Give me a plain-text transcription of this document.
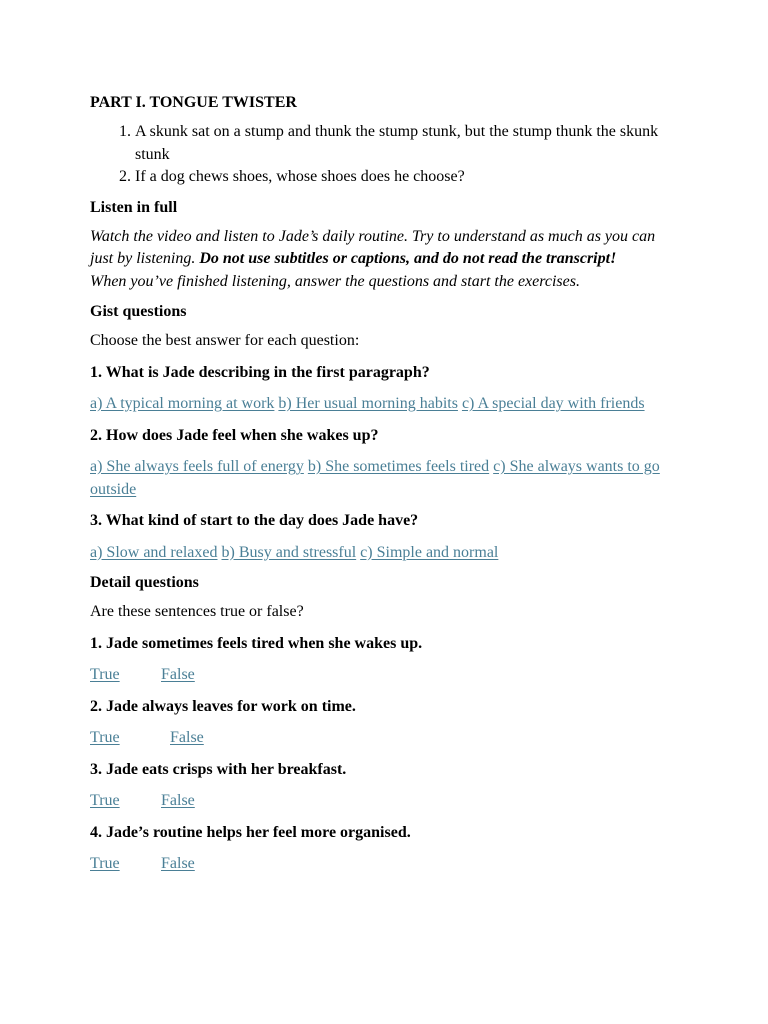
PART I. TONGUE TWISTER
1. A skunk sat on a stump and thunk the stump stunk, but the stump thunk the skunk stunk
2. If a dog chews shoes, whose shoes does he choose?
Listen in full
Watch the video and listen to Jade’s daily routine. Try to understand as much as you can just by listening. Do not use subtitles or captions, and do not read the transcript!
When you’ve finished listening, answer the questions and start the exercises.
Gist questions
Choose the best answer for each question:
1. What is Jade describing in the first paragraph?
a) A typical morning at work b) Her usual morning habits c) A special day with friends
2. How does Jade feel when she wakes up?
a) She always feels full of energy b) She sometimes feels tired c) She always wants to go outside
3. What kind of start to the day does Jade have?
a) Slow and relaxed b) Busy and stressful c) Simple and normal
Detail questions
Are these sentences true or false?
1. Jade sometimes feels tired when she wakes up.
True	False
2. Jade always leaves for work on time.
True	False
3. Jade eats crisps with her breakfast.
True	False
4. Jade’s routine helps her feel more organised.
True	False
